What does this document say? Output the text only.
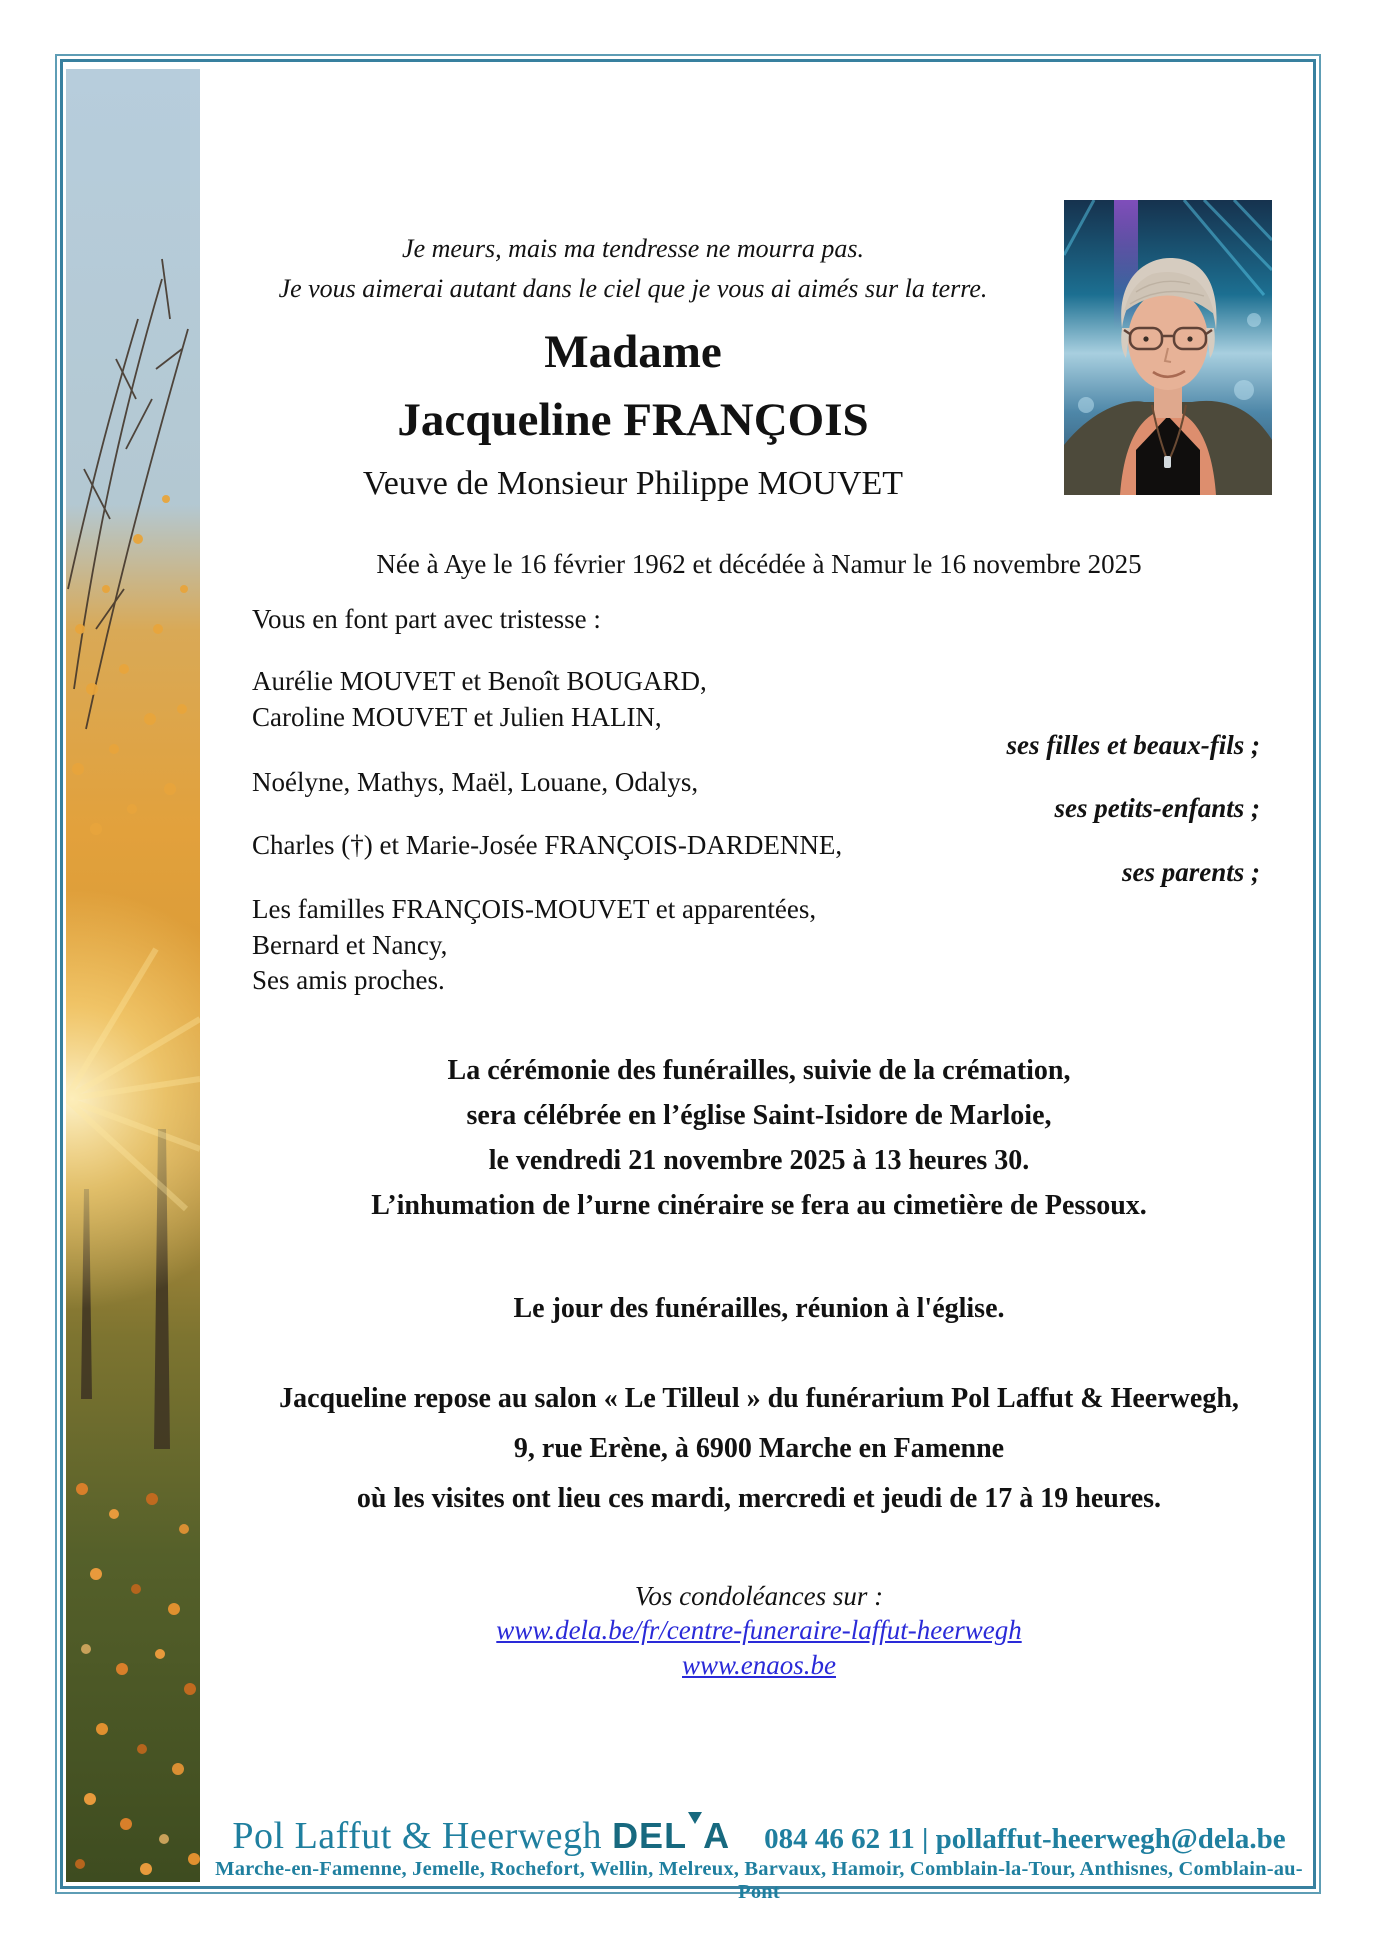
Je meurs, mais ma tendresse ne mourra pas.
Je vous aimerai autant dans le ciel que je vous ai aimés sur la terre.
Madame
Jacqueline FRANÇOIS
Veuve de Monsieur Philippe MOUVET
Née à Aye le 16 février 1962 et décédée à Namur le 16 novembre 2025
Vous en font part avec tristesse :
Aurélie MOUVET et Benoît BOUGARD,
Caroline MOUVET et Julien HALIN,
ses filles et beaux-fils ;
Noélyne, Mathys, Maël, Louane, Odalys,
ses petits-enfants ;
Charles (†) et Marie-Josée FRANÇOIS-DARDENNE,
ses parents ;
Les familles FRANÇOIS-MOUVET et apparentées,
Bernard et Nancy,
Ses amis proches.
La cérémonie des funérailles, suivie de la crémation,
sera célébrée en l’église Saint-Isidore de Marloie,
le vendredi 21 novembre 2025 à 13 heures 30.
L’inhumation de l’urne cinéraire se fera au cimetière de Pessoux.
Le jour des funérailles, réunion à l'église.
Jacqueline repose au salon « Le Tilleul » du funérarium Pol Laffut & Heerwegh,
9, rue Erène, à 6900 Marche en Famenne
où les visites ont lieu ces mardi, mercredi et jeudi de 17 à 19 heures.
Vos condoléances sur :
www.dela.be/fr/centre-funeraire-laffut-heerwegh
www.enaos.be
Pol Laffut & Heerwegh DEL A 084 46 62 11 | pollaffut-heerwegh@dela.be
Marche-en-Famenne, Jemelle, Rochefort, Wellin, Melreux, Barvaux, Hamoir, Comblain-la-Tour, Anthisnes, Comblain-au-Pont
